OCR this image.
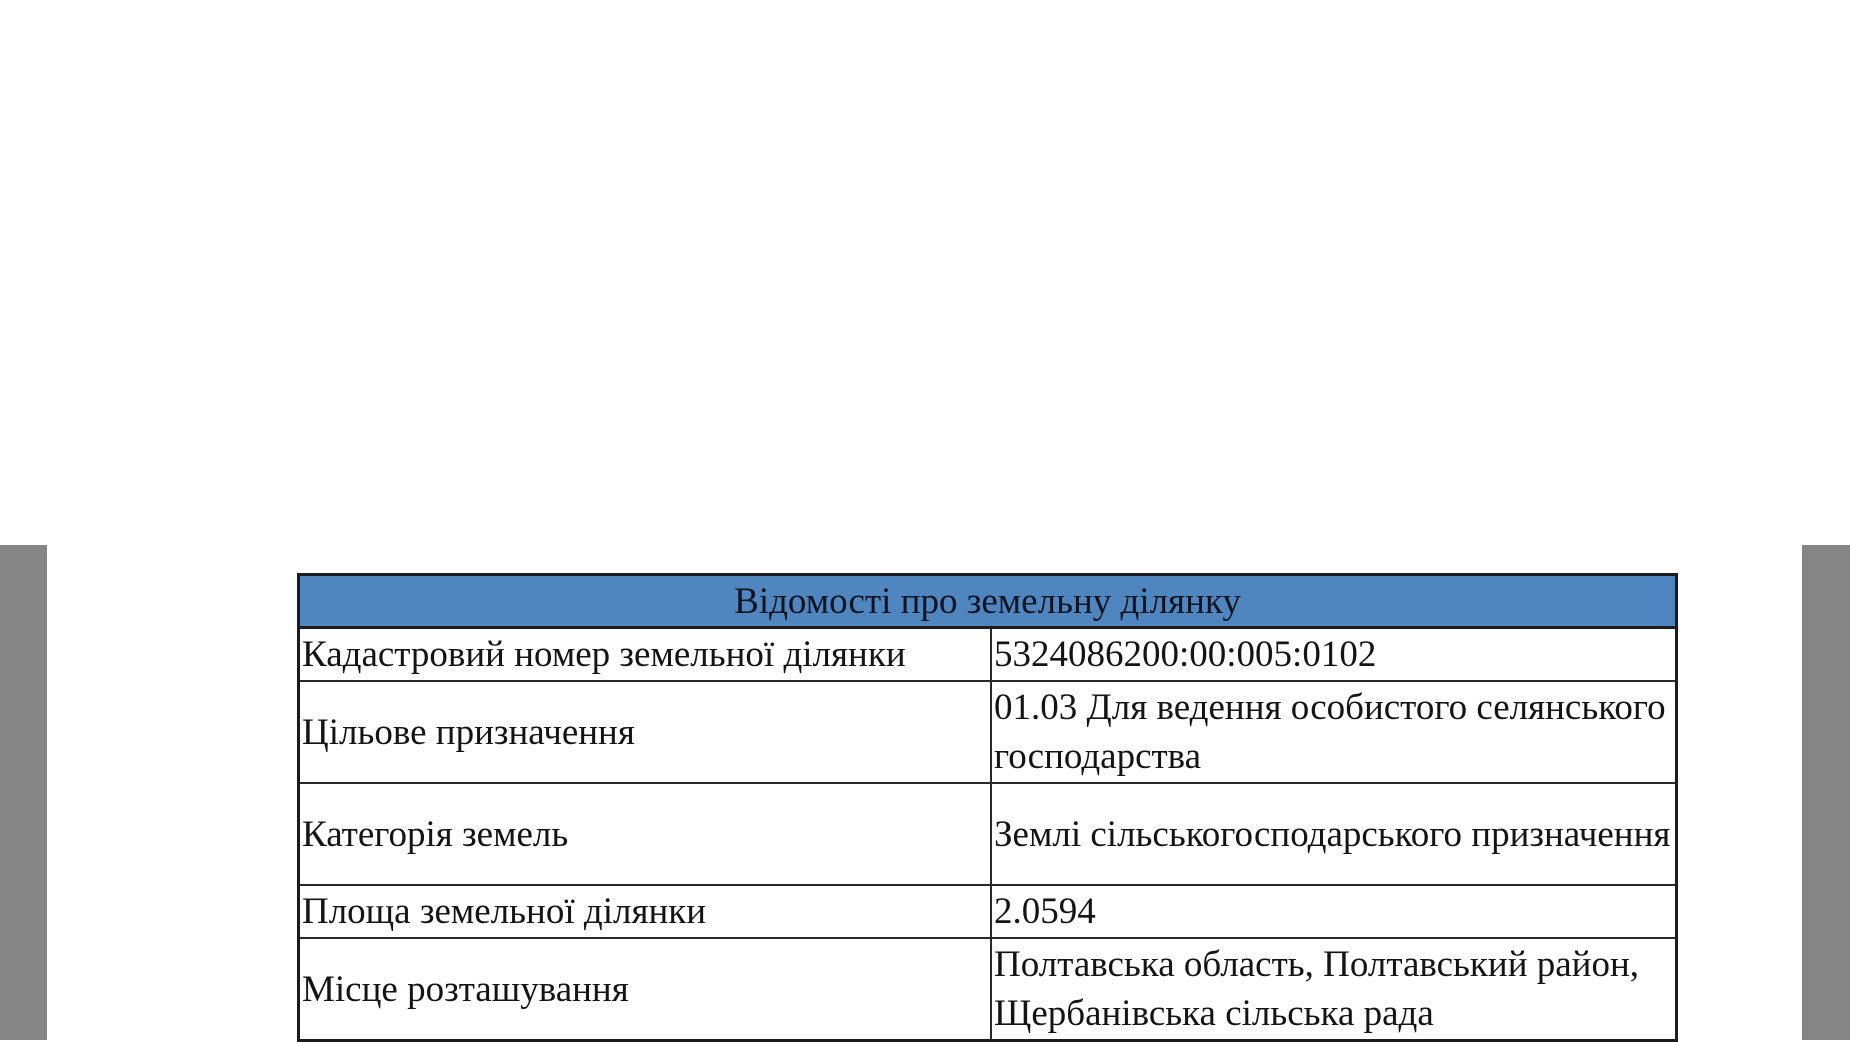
Відомості про земельну ділянку	
Кадастровий номер земельної ділянки	5324086200:00:005:0102
Цільове призначення	01.03 Для ведення особистого селянського господарства
Категорія земель	Землі сільськогосподарського призначення
Площа земельної ділянки	2.0594
Місце розташування	Полтавська область, Полтавський район, Щербанівська сільська рада
